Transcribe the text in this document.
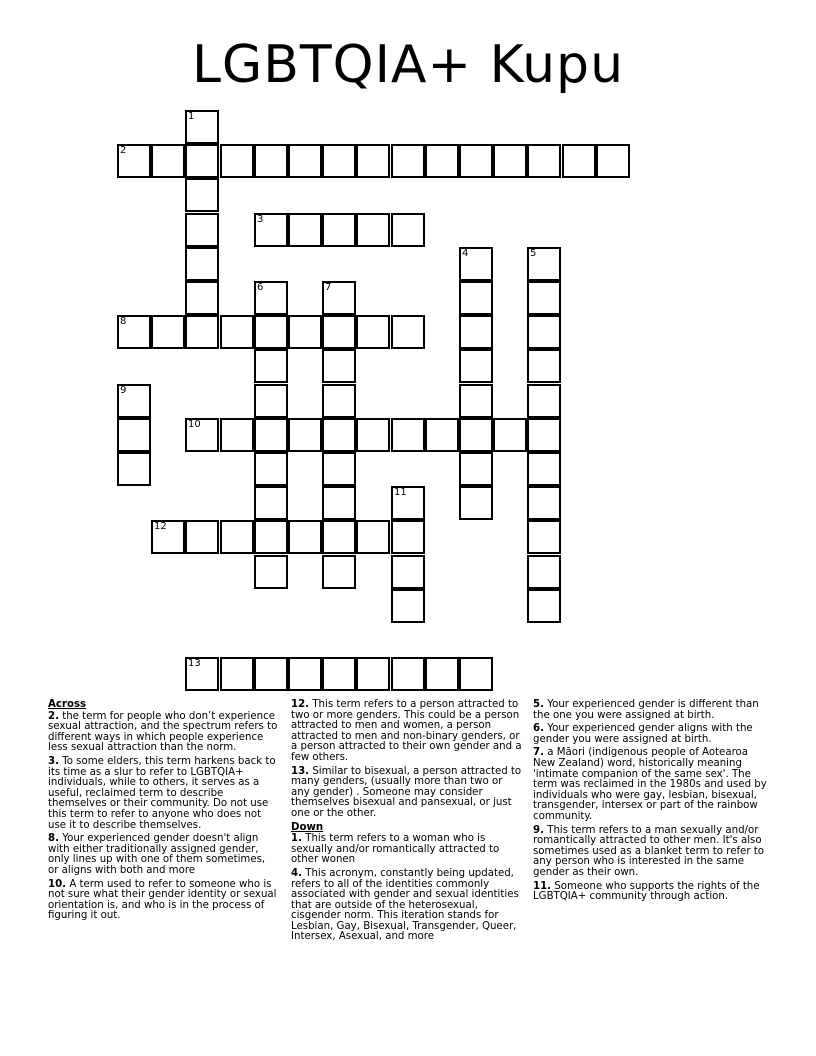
LGBTQIA+ Kupu
1
2
3
4	5
6	7
8
9
10
11
12
13
Across
2. the term for people who don’t experience sexual attraction, and the spectrum refers to different ways in which people experience less sexual attraction than the norm.
3. To some elders, this term harkens back to its time as a slur to refer to LGBTQIA+ individuals, while to others, it serves as a useful, reclaimed term to describe themselves or their community. Do not use this term to refer to anyone who does not use it to describe themselves.
8. Your experienced gender doesn't align with either traditionally assigned gender, only lines up with one of them sometimes, or aligns with both and more
10. A term used to refer to someone who is not sure what their gender identity or sexual orientation is, and who is in the process of figuring it out.
12. This term refers to a person attracted to two or more genders. This could be a person attracted to men and women, a person attracted to men and non-binary genders, or a person attracted to their own gender and a few others.
13. Similar to bisexual, a person attracted to many genders, (usually more than two or any gender) . Someone may consider themselves bisexual and pansexual, or just one or the other.
Down
1. This term refers to a woman who is sexually and/or romantically attracted to other wonen
4. This acronym, constantly being updated, refers to all of the identities commonly associated with gender and sexual identities that are outside of the heterosexual, cisgender norm. This iteration stands for Lesbian, Gay, Bisexual, Transgender, Queer, Intersex, Asexual, and more
5. Your experienced gender is different than the one you were assigned at birth.
6. Your experienced gender aligns with the gender you were assigned at birth.
7. a Māori (indigenous people of Aotearoa New Zealand) word, historically meaning 'intimate companion of the same sex'. The term was reclaimed in the 1980s and used by individuals who were gay, lesbian, bisexual, transgender, intersex or part of the rainbow community.
9. This term refers to a man sexually and/or romantically attracted to other men. It's also sometimes used as a blanket term to refer to any person who is interested in the same gender as their own.
11. Someone who supports the rights of the LGBTQIA+ community through action.
